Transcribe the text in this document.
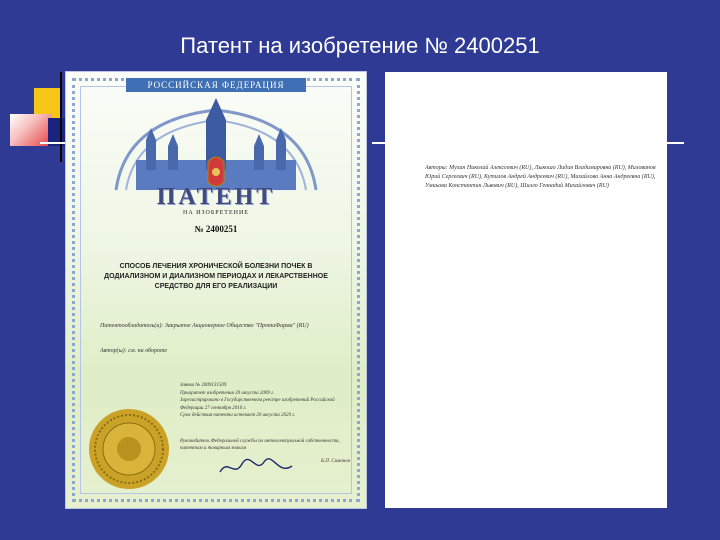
Патент на изобретение № 2400251
РОССИЙСКАЯ ФЕДЕРАЦИЯ
ПАТЕНТ
НА ИЗОБРЕТЕНИЕ
№ 2400251
СПОСОБ ЛЕЧЕНИЯ ХРОНИЧЕСКОЙ БОЛЕЗНИ ПОЧЕК В ДОДИАЛИЗНОМ И ДИАЛИЗНОМ ПЕРИОДАХ И ЛЕКАРСТВЕННОЕ СРЕДСТВО ДЛЯ ЕГО РЕАЛИЗАЦИИ
Патентообладатель(и): Закрытое Акционерное Общество "ПротиФарма" (RU)
Автор(ы): см. на обороте
Заявка № 2009131509
Приоритет изобретения 20 августа 2009 г.
Зарегистрировано в Государственном реестре изобретений Российской Федерации 27 сентября 2010 г.
Срок действия патента истекает 20 августа 2029 г.
Руководитель Федеральной службы по интеллектуальной собственности, патентам и товарным знакам
Б.П. Симонов
Авторы: Мухин Николай Алексеевич (RU), Лыкошо Лидия Владимировна (RU), Милованов Юрий Сергеевич (RU), Кутилов Андрей Андреевич (RU), Михайлова Анна Андреевна (RU), Умиьова Константин Львович (RU), Шилло Геннадий Михайлович (RU)
